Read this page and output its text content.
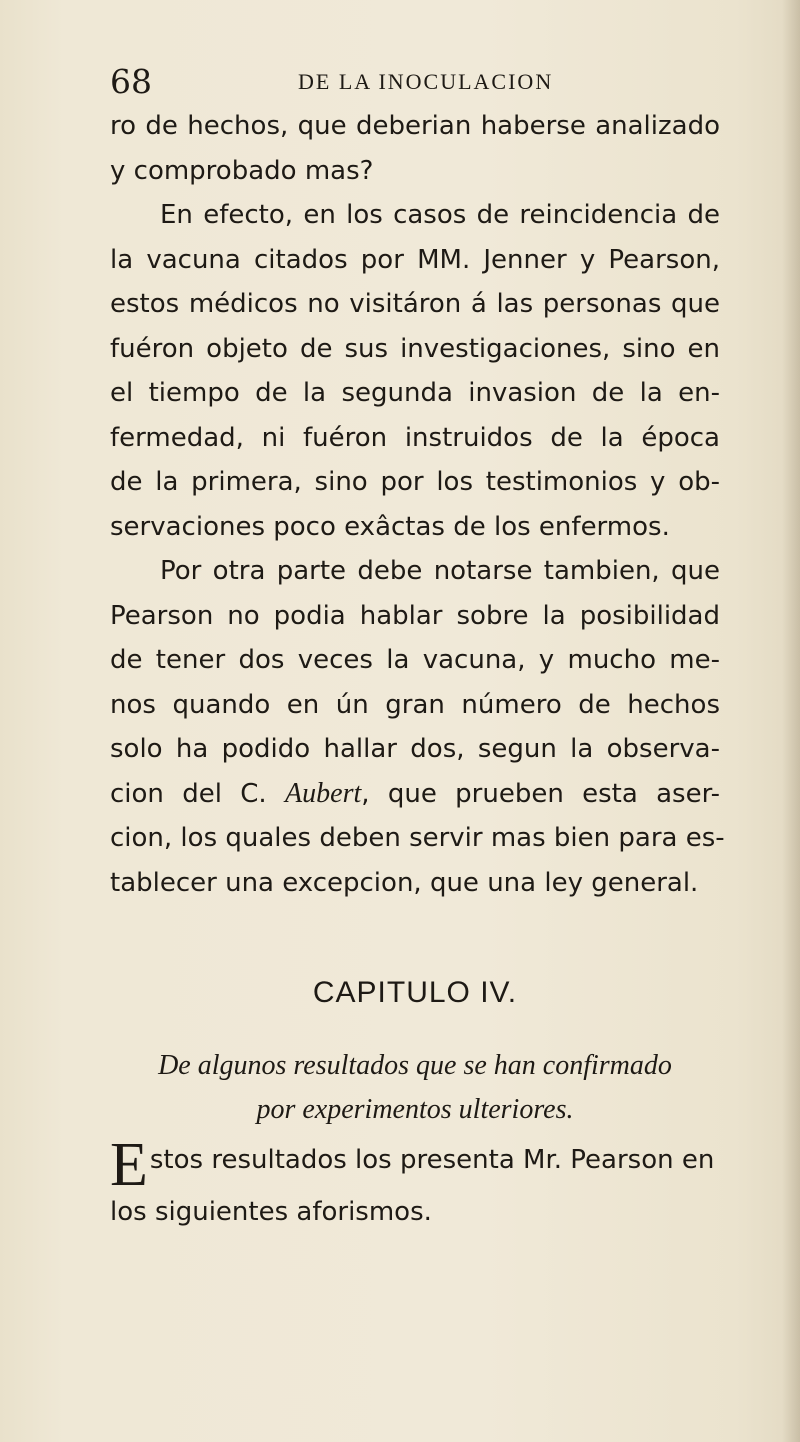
68	DE LA INOCULACION
ro de hechos, que deberian haberse analizado
y comprobado mas?
En efecto, en los casos de reincidencia de
la vacuna citados por MM. Jenner y Pearson,
estos médicos no visitáron á las personas que
fuéron objeto de sus investigaciones, sino en
el tiempo de la segunda invasion de la en-
fermedad, ni fuéron instruidos de la época
de la primera, sino por los testimonios y ob-
servaciones poco exâctas de los enfermos.
Por otra parte debe notarse tambien, que
Pearson no podia hablar sobre la posibilidad
de tener dos veces la vacuna, y mucho me-
nos quando en ún gran número de hechos
solo ha podido hallar dos, segun la observa-
cion del C. Aubert, que prueben esta aser-
cion, los quales deben servir mas bien para es-
tablecer una excepcion, que una ley general.
CAPITULO IV.
De algunos resultados que se han confirmado
por experimentos ulteriores.
E stos resultados los presenta Mr. Pearson en
los siguientes aforismos.
